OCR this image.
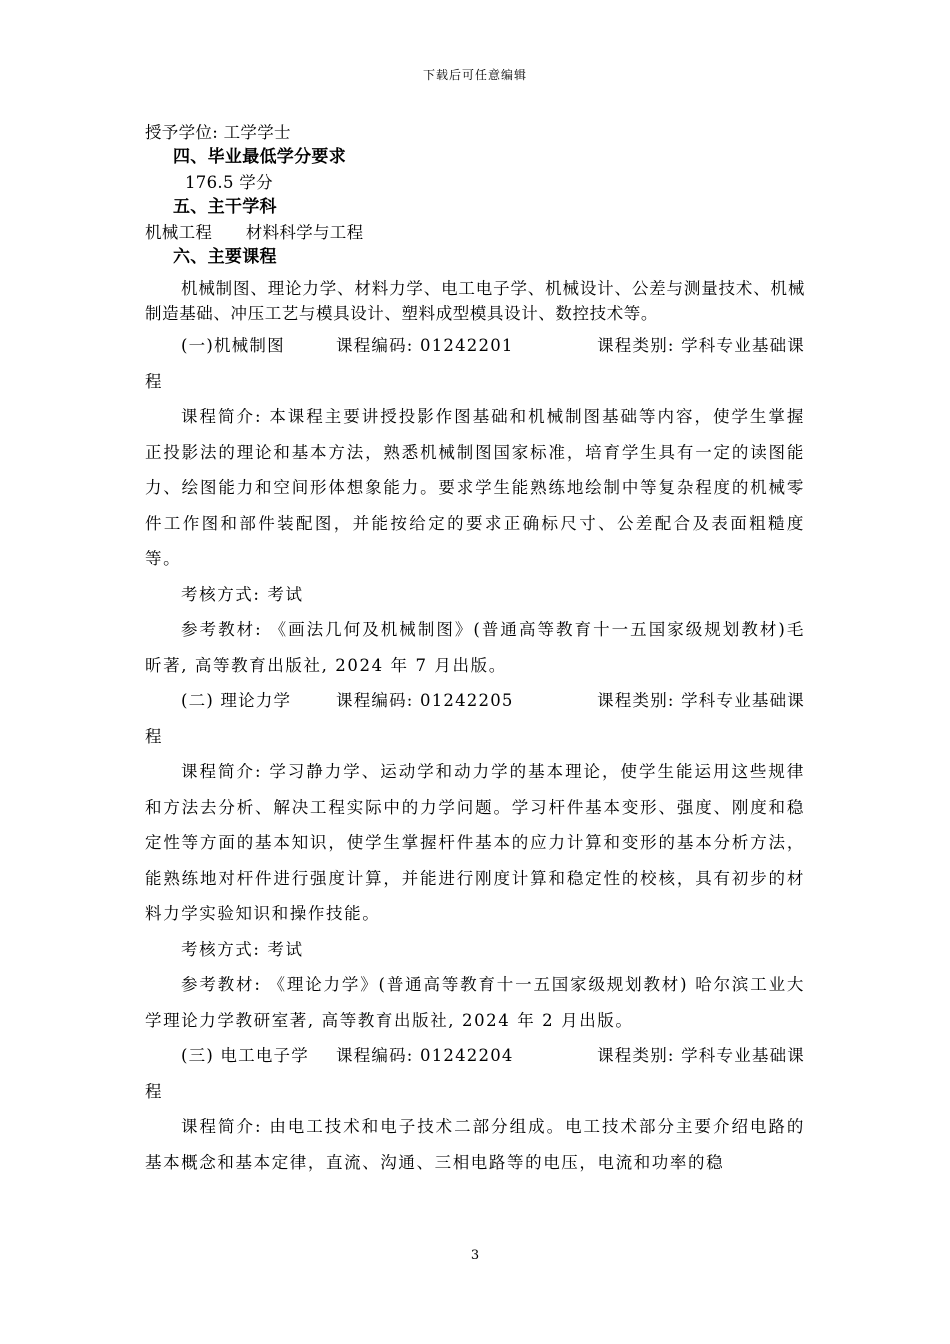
下载后可任意编辑
授予学位: 工学学士
四、毕业最低学分要求
176.5 学分
五、主干学科
机械工程　　材料科学与工程
六、主要课程

机械制图、理论力学、材料力学、电工电子学、机械设计、公差与测量技术、机械制造基础、冲压工艺与模具设计、塑料成型模具设计、数控技术等。

(一)机械制图	课程编码: 01242201	课程类别: 学科专业基础课
程

课程简介: 本课程主要讲授投影作图基础和机械制图基础等内容，使学生掌握正投影法的理论和基本方法，熟悉机械制图国家标准，培育学生具有一定的读图能力、绘图能力和空间形体想象能力。要求学生能熟练地绘制中等复杂程度的机械零件工作图和部件装配图，并能按给定的要求正确标尺寸、公差配合及表面粗糙度等。

考核方式: 考试

参考教材: 《画法几何及机械制图》(普通高等教育十一五国家级规划教材)毛昕著, 高等教育出版社, 2024 年 7 月出版。

(二) 理论力学	课程编码: 01242205	课程类别: 学科专业基础课
程

课程简介: 学习静力学、运动学和动力学的基本理论，使学生能运用这些规律和方法去分析、解决工程实际中的力学问题。学习杆件基本变形、强度、刚度和稳定性等方面的基本知识，使学生掌握杆件基本的应力计算和变形的基本分析方法，能熟练地对杆件进行强度计算，并能进行刚度计算和稳定性的校核，具有初步的材料力学实验知识和操作技能。

考核方式: 考试

参考教材: 《理论力学》(普通高等教育十一五国家级规划教材) 哈尔滨工业大学理论力学教研室著, 高等教育出版社, 2024 年 2 月出版。

(三) 电工电子学	课程编码: 01242204	课程类别: 学科专业基础课
程

课程简介: 由电工技术和电子技术二部分组成。电工技术部分主要介绍电路的基本概念和基本定律，直流、沟通、三相电路等的电压，电流和功率的稳

3
